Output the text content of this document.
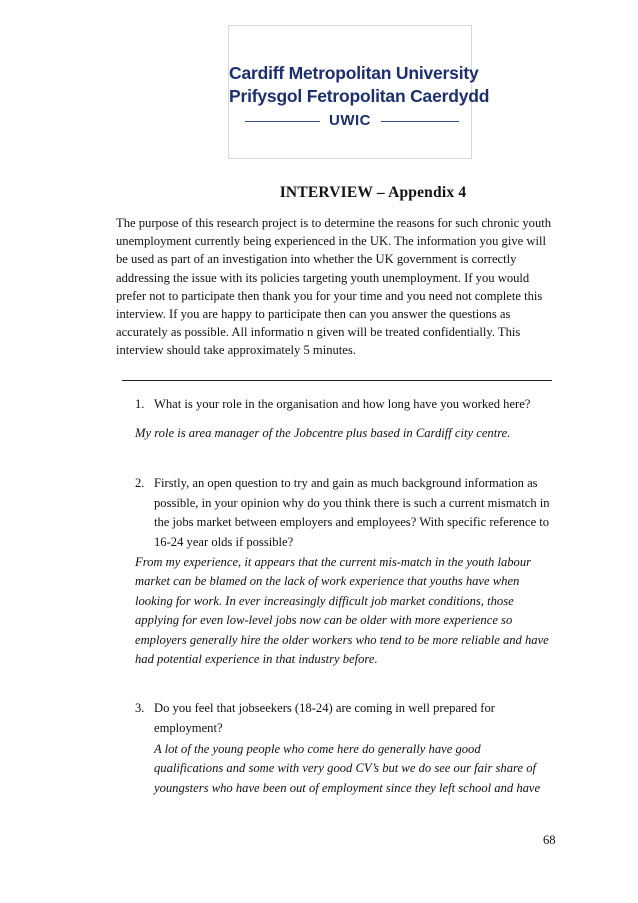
Cardiff Metropolitan University
Prifysgol Fetropolitan Caerdydd
UWIC
INTERVIEW – Appendix 4
The purpose of this research project is to determine the reasons for such chronic youth
unemployment currently being experienced in the UK. The information you give will
be used as part of an investigation into whether the UK government is correctly
addressing the issue with its policies targeting youth unemployment. If you would
prefer not to participate then thank you for your time and you need not complete this
interview. If you are happy to participate then can you answer the questions as
accurately as possible. All informatio n given will be treated confidentially. This
interview should take approximately 5 minutes.
1. What is your role in the organisation and how long have you worked here?
My role is area manager of the Jobcentre plus based in Cardiff city centre.
2. Firstly, an open question to try and gain as much background information as
possible, in your opinion why do you think there is such a current mismatch in
the jobs market between employers and employees? With specific reference to
16-24 year olds if possible?
From my experience, it appears that the current mis-match in the youth labour
market can be blamed on the lack of work experience that youths have when
looking for work. In ever increasingly difficult job market conditions, those
applying for even low-level jobs now can be older with more experience so
employers generally hire the older workers who tend to be more reliable and have
had potential experience in that industry before.
3. Do you feel that jobseekers (18-24) are coming in well prepared for
employment?
A lot of the young people who come here do generally have good
qualifications and some with very good CV’s but we do see our fair share of
youngsters who have been out of employment since they left school and have
68
